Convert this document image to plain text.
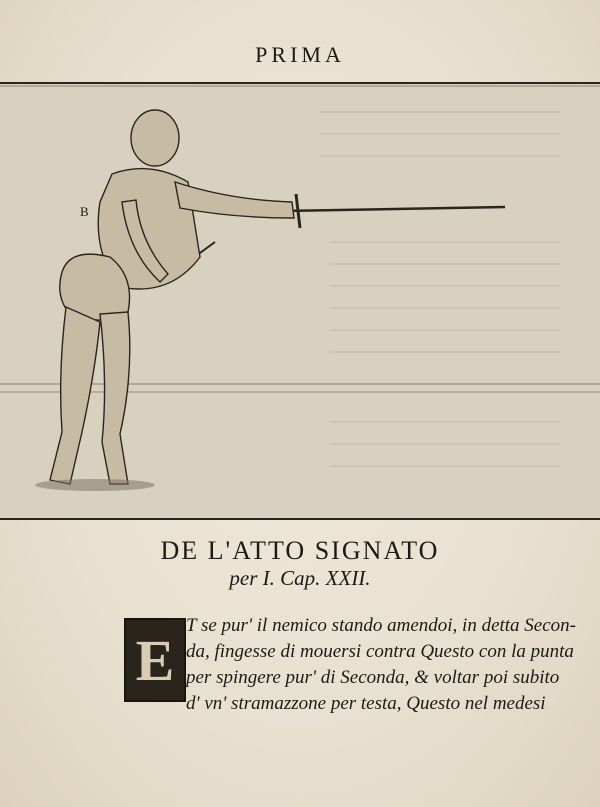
PRIMA
B
DE L'ATTO SIGNATO
per I. Cap. XXII.
E
T se pur' il nemico stando amendoi, in detta Secon-
da, fingesse di mouersi contra Questo con la punta
per spingere pur' di Seconda, & voltar poi subito
d' vn' stramazzone per testa, Questo nel medesi
